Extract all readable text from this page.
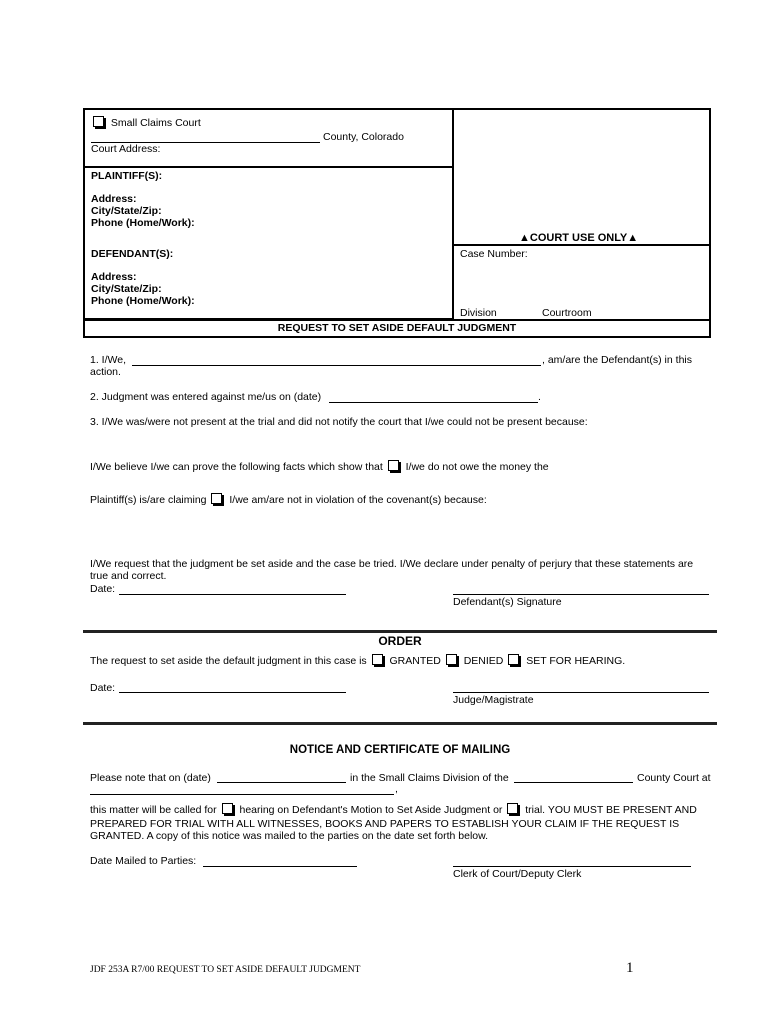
Small Claims Court
County, Colorado
Court Address:
PLAINTIFF(S):
Address:
City/State/Zip:
Phone (Home/Work):
DEFENDANT(S):
Address:
City/State/Zip:
Phone (Home/Work):
▲COURT USE ONLY▲
Case Number:
Division	Courtroom
REQUEST TO SET ASIDE DEFAULT JUDGMENT
1. I/We,	, am/are the Defendant(s) in this
action.
2. Judgment was entered against me/us on (date)	.
3. I/We was/were not present at the trial and did not notify the court that I/we could not be present because:
I/We believe I/we can prove the following facts which show that I/we do not owe the money the
Plaintiff(s) is/are claiming I/we am/are not in violation of the covenant(s) because:
I/We request that the judgment be set aside and the case be tried. I/We declare under penalty of perjury that these statements are
true and correct.
Date:
Defendant(s) Signature
ORDER
The request to set aside the default judgment in this case is GRANTED DENIED SET FOR HEARING.
Date:
Judge/Magistrate
NOTICE AND CERTIFICATE OF MAILING
Please note that on (date)	in the Small Claims Division of the	County Court at
,
this matter will be called for hearing on Defendant's Motion to Set Aside Judgment or trial. YOU MUST BE PRESENT AND
PREPARED FOR TRIAL WITH ALL WITNESSES, BOOKS AND PAPERS TO ESTABLISH YOUR CLAIM IF THE REQUEST IS
GRANTED. A copy of this notice was mailed to the parties on the date set forth below.
Date Mailed to Parties:
Clerk of Court/Deputy Clerk
JDF 253A R7/00 REQUEST TO SET ASIDE DEFAULT JUDGMENT	1
